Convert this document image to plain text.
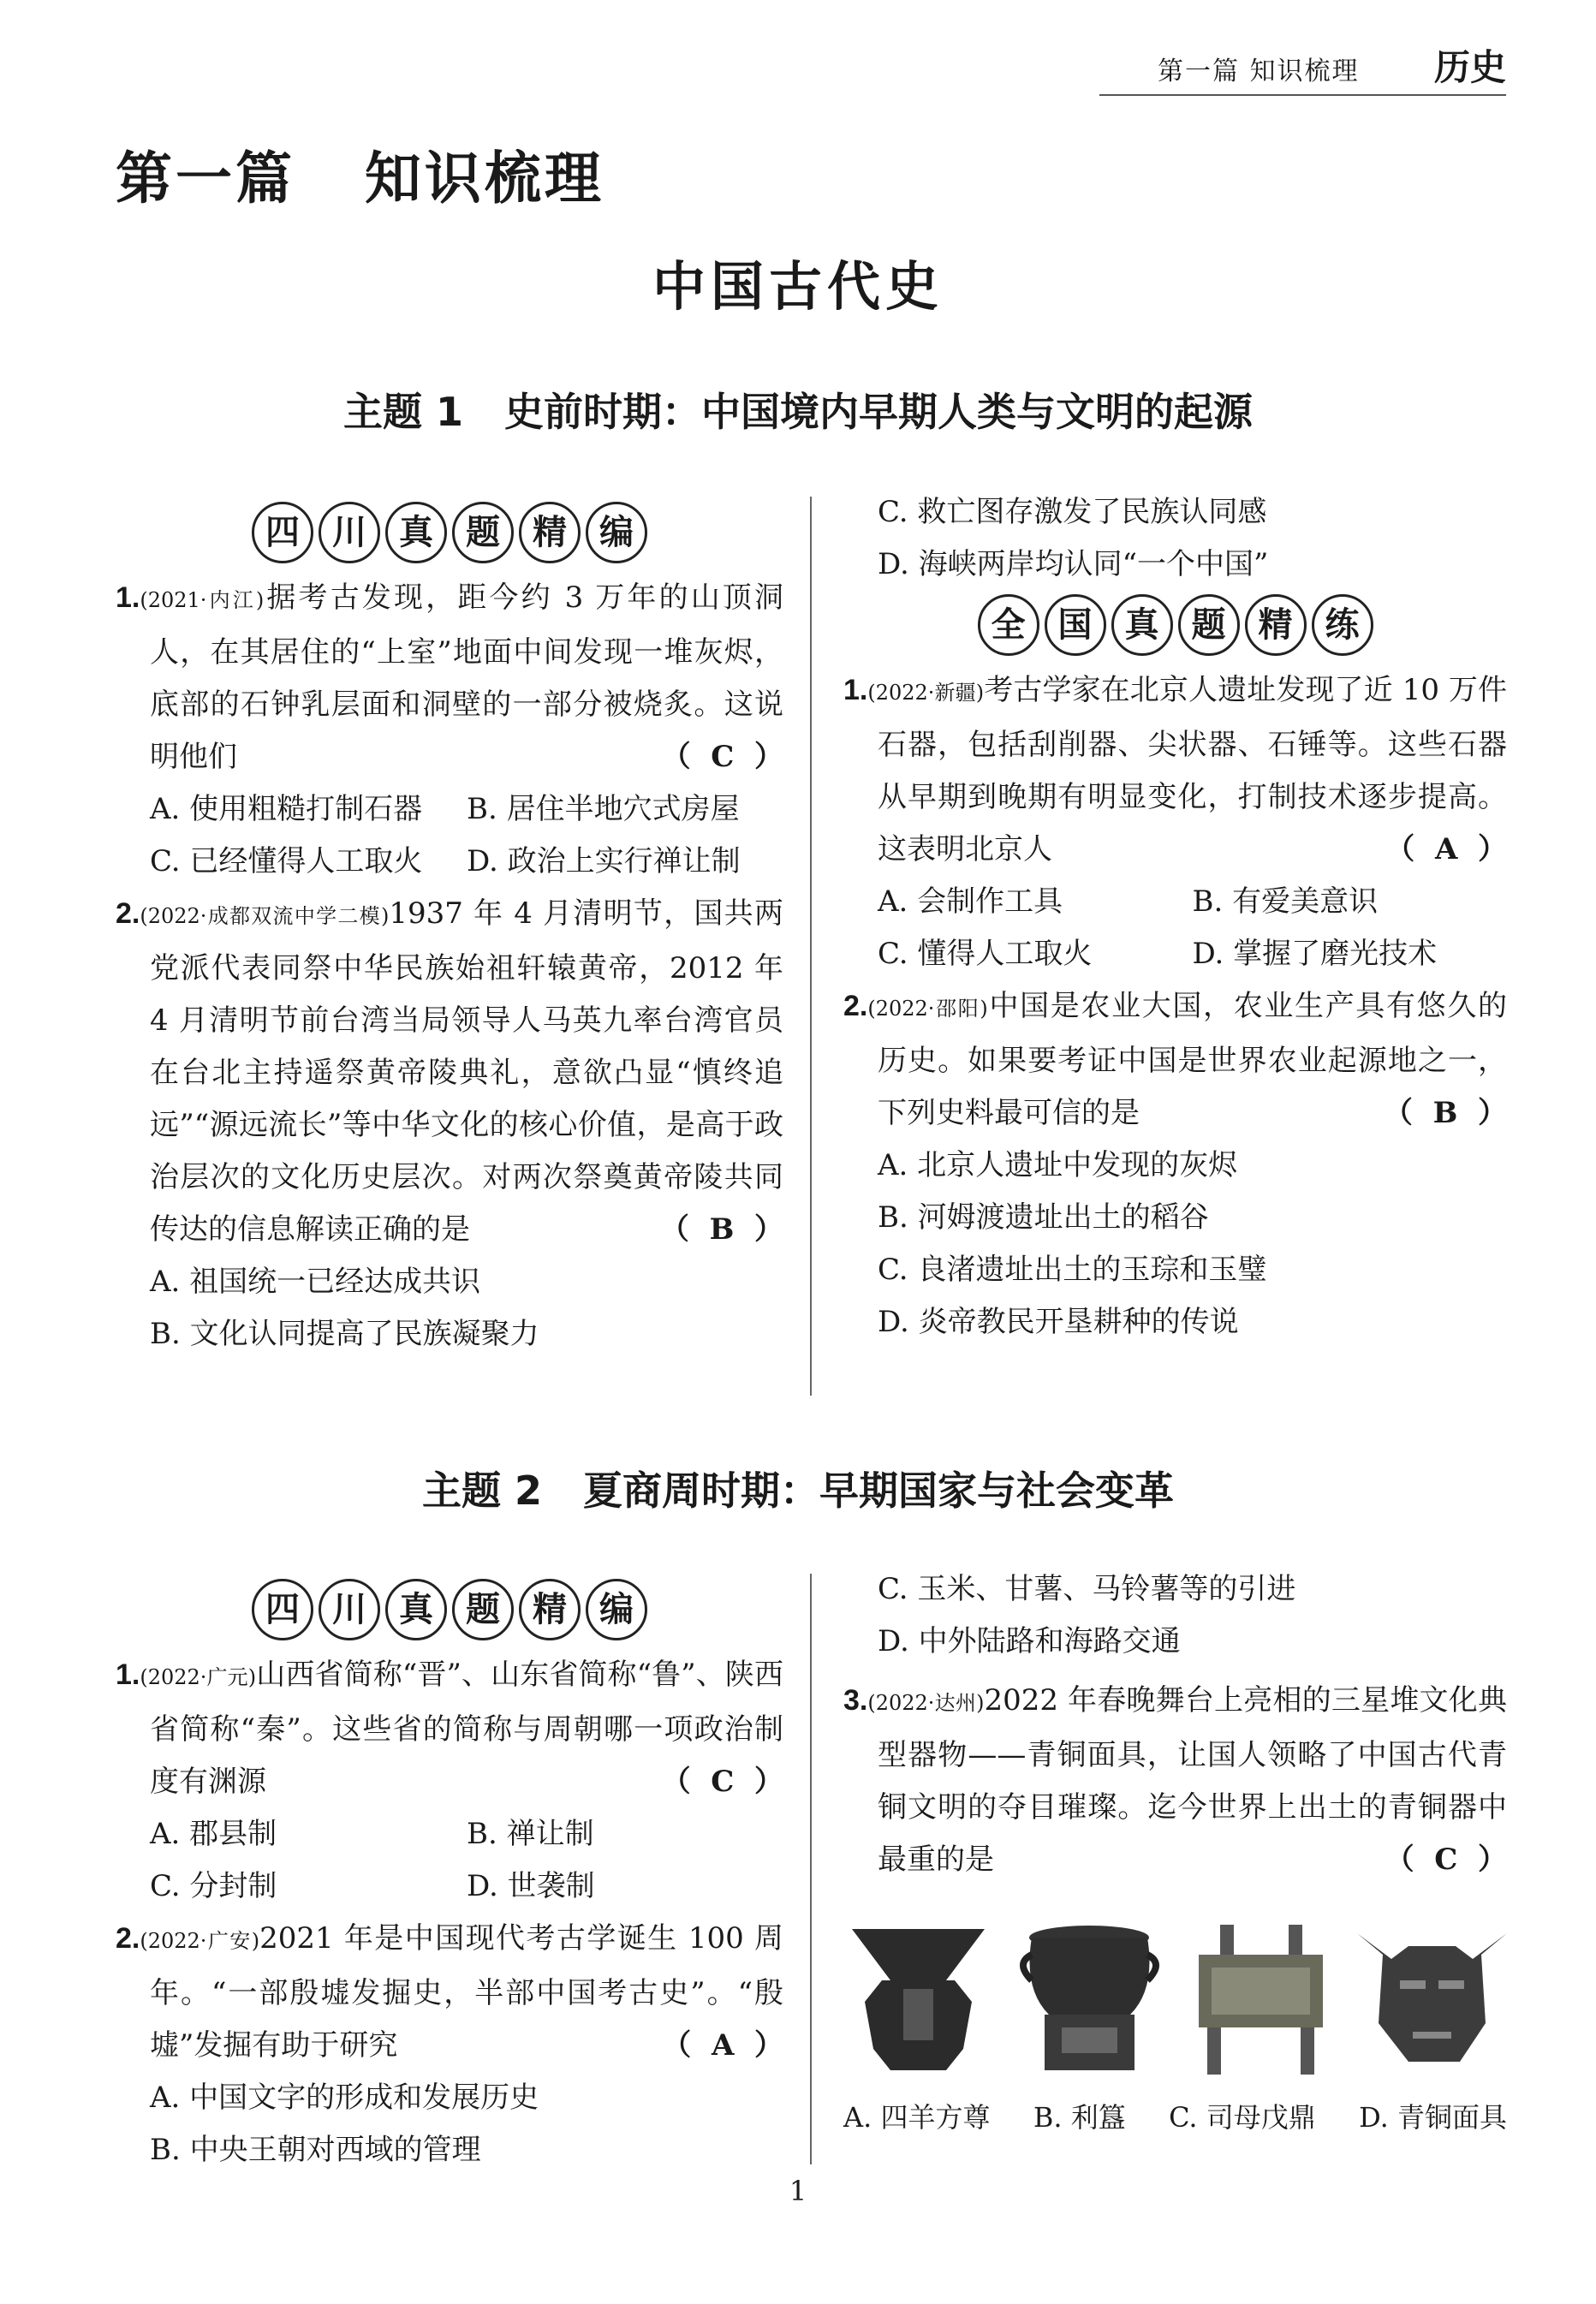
第一篇 知识梳理 历史
第一篇   知识梳理
中国古代史
主题 1   史前时期：中国境内早期人类与文明的起源
四 川 真 题 精 编

1.(2021·内江)据考古发现，距今约 3 万年的山顶洞人，在其居住的“上室”地面中间发现一堆灰烬，底部的石钟乳层面和洞壁的一部分被烧炙。这说明他们	（  C  ）

A. 使用粗糙打制石器	B. 居住半地穴式房屋
C. 已经懂得人工取火	D. 政治上实行禅让制

2.(2022·成都双流中学二模)1937 年 4 月清明节，国共两党派代表同祭中华民族始祖轩辕黄帝，2012 年 4 月清明节前台湾当局领导人马英九率台湾官员在台北主持遥祭黄帝陵典礼，意欲凸显“慎终追远”“源远流长”等中华文化的核心价值，是高于政治层次的文化历史层次。对两次祭奠黄帝陵共同传达的信息解读正确的是	（  B  ）

A. 祖国统一已经达成共识
B. 文化认同提高了民族凝聚力
C. 救亡图存激发了民族认同感
D. 海峡两岸均认同“一个中国”
全 国 真 题 精 练

1.(2022·新疆)考古学家在北京人遗址发现了近 10 万件石器，包括刮削器、尖状器、石锤等。这些石器从早期到晚期有明显变化，打制技术逐步提高。这表明北京人	（  A  ）

A. 会制作工具	B. 有爱美意识
C. 懂得人工取火	D. 掌握了磨光技术

2.(2022·邵阳)中国是农业大国，农业生产具有悠久的历史。如果要考证中国是世界农业起源地之一，下列史料最可信的是	（  B  ）

A. 北京人遗址中发现的灰烬
B. 河姆渡遗址出土的稻谷
C. 良渚遗址出土的玉琮和玉璧
D. 炎帝教民开垦耕种的传说
主题 2   夏商周时期：早期国家与社会变革
四 川 真 题 精 编

1.(2022·广元)山西省简称“晋”、山东省简称“鲁”、陕西省简称“秦”。这些省的简称与周朝哪一项政治制度有渊源	（  C  ）

A. 郡县制	B. 禅让制
C. 分封制	D. 世袭制

2.(2022·广安)2021 年是中国现代考古学诞生 100 周年。“一部殷墟发掘史，半部中国考古史”。“殷墟”发掘有助于研究	（  A  ）

A. 中国文字的形成和发展历史
B. 中央王朝对西域的管理
C. 玉米、甘薯、马铃薯等的引进
D. 中外陆路和海路交通

3.(2022·达州)2022 年春晚舞台上亮相的三星堆文化典型器物——青铜面具，让国人领略了中国古代青铜文明的夺目璀璨。迄今世界上出土的青铜器中最重的是	（  C  ）

A. 四羊方尊 B. 利簋 C. 司母戊鼎 D. 青铜面具
1
